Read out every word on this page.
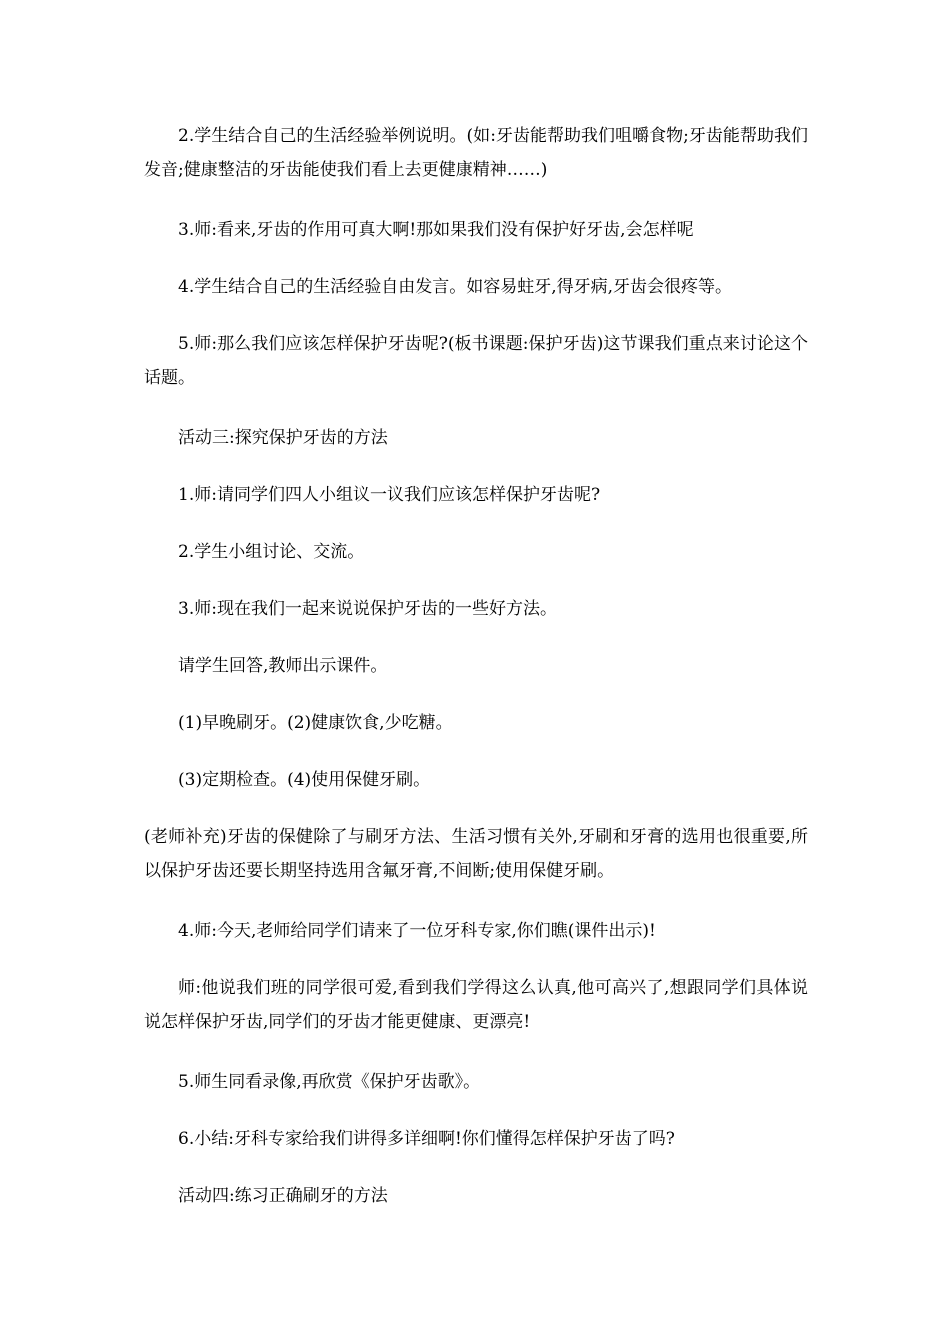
2.学生结合自己的生活经验举例说明。(如:牙齿能帮助我们咀嚼食物;牙齿能帮助我们发音;健康整洁的牙齿能使我们看上去更健康精神……)

3.师:看来,牙齿的作用可真大啊!那如果我们没有保护好牙齿,会怎样呢

4.学生结合自己的生活经验自由发言。如容易蛀牙,得牙病,牙齿会很疼等。

5.师:那么我们应该怎样保护牙齿呢?(板书课题:保护牙齿)这节课我们重点来讨论这个话题。

活动三:探究保护牙齿的方法

1.师:请同学们四人小组议一议我们应该怎样保护牙齿呢?

2.学生小组讨论、交流。

3.师:现在我们一起来说说保护牙齿的一些好方法。

请学生回答,教师出示课件。

(1)早晚刷牙。(2)健康饮食,少吃糖。

(3)定期检查。(4)使用保健牙刷。

(老师补充)牙齿的保健除了与刷牙方法、生活习惯有关外,牙刷和牙膏的选用也很重要,所以保护牙齿还要长期坚持选用含氟牙膏,不间断;使用保健牙刷。

4.师:今天,老师给同学们请来了一位牙科专家,你们瞧(课件出示)!

师:他说我们班的同学很可爱,看到我们学得这么认真,他可高兴了,想跟同学们具体说说怎样保护牙齿,同学们的牙齿才能更健康、更漂亮!

5.师生同看录像,再欣赏《保护牙齿歌》。

6.小结:牙科专家给我们讲得多详细啊!你们懂得怎样保护牙齿了吗?

活动四:练习正确刷牙的方法
